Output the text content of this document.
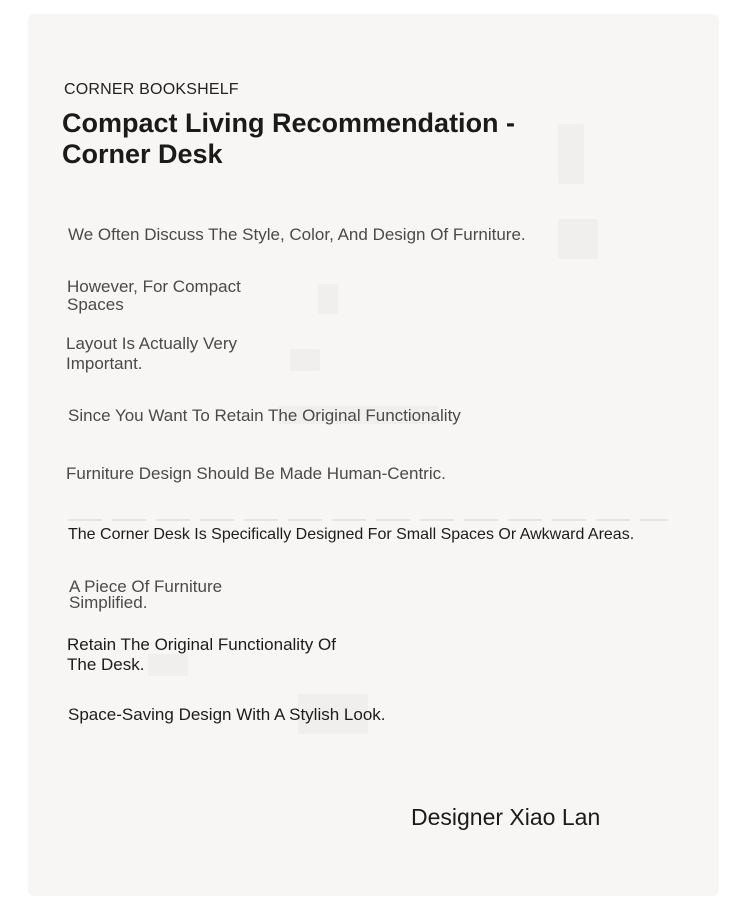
CORNER BOOKSHELF

Compact Living Recommendation - Corner Desk

We Often Discuss The Style, Color, And Design Of Furniture.

However, For Compact Spaces

Layout Is Actually Very Important.

Since You Want To Retain The Original Functionality

Furniture Design Should Be Made Human-Centric.

The Corner Desk Is Specifically Designed For Small Spaces Or Awkward Areas.

A Piece Of Furniture Simplified.

Retain The Original Functionality Of The Desk.

Space-Saving Design With A Stylish Look.

Designer Xiao Lan
